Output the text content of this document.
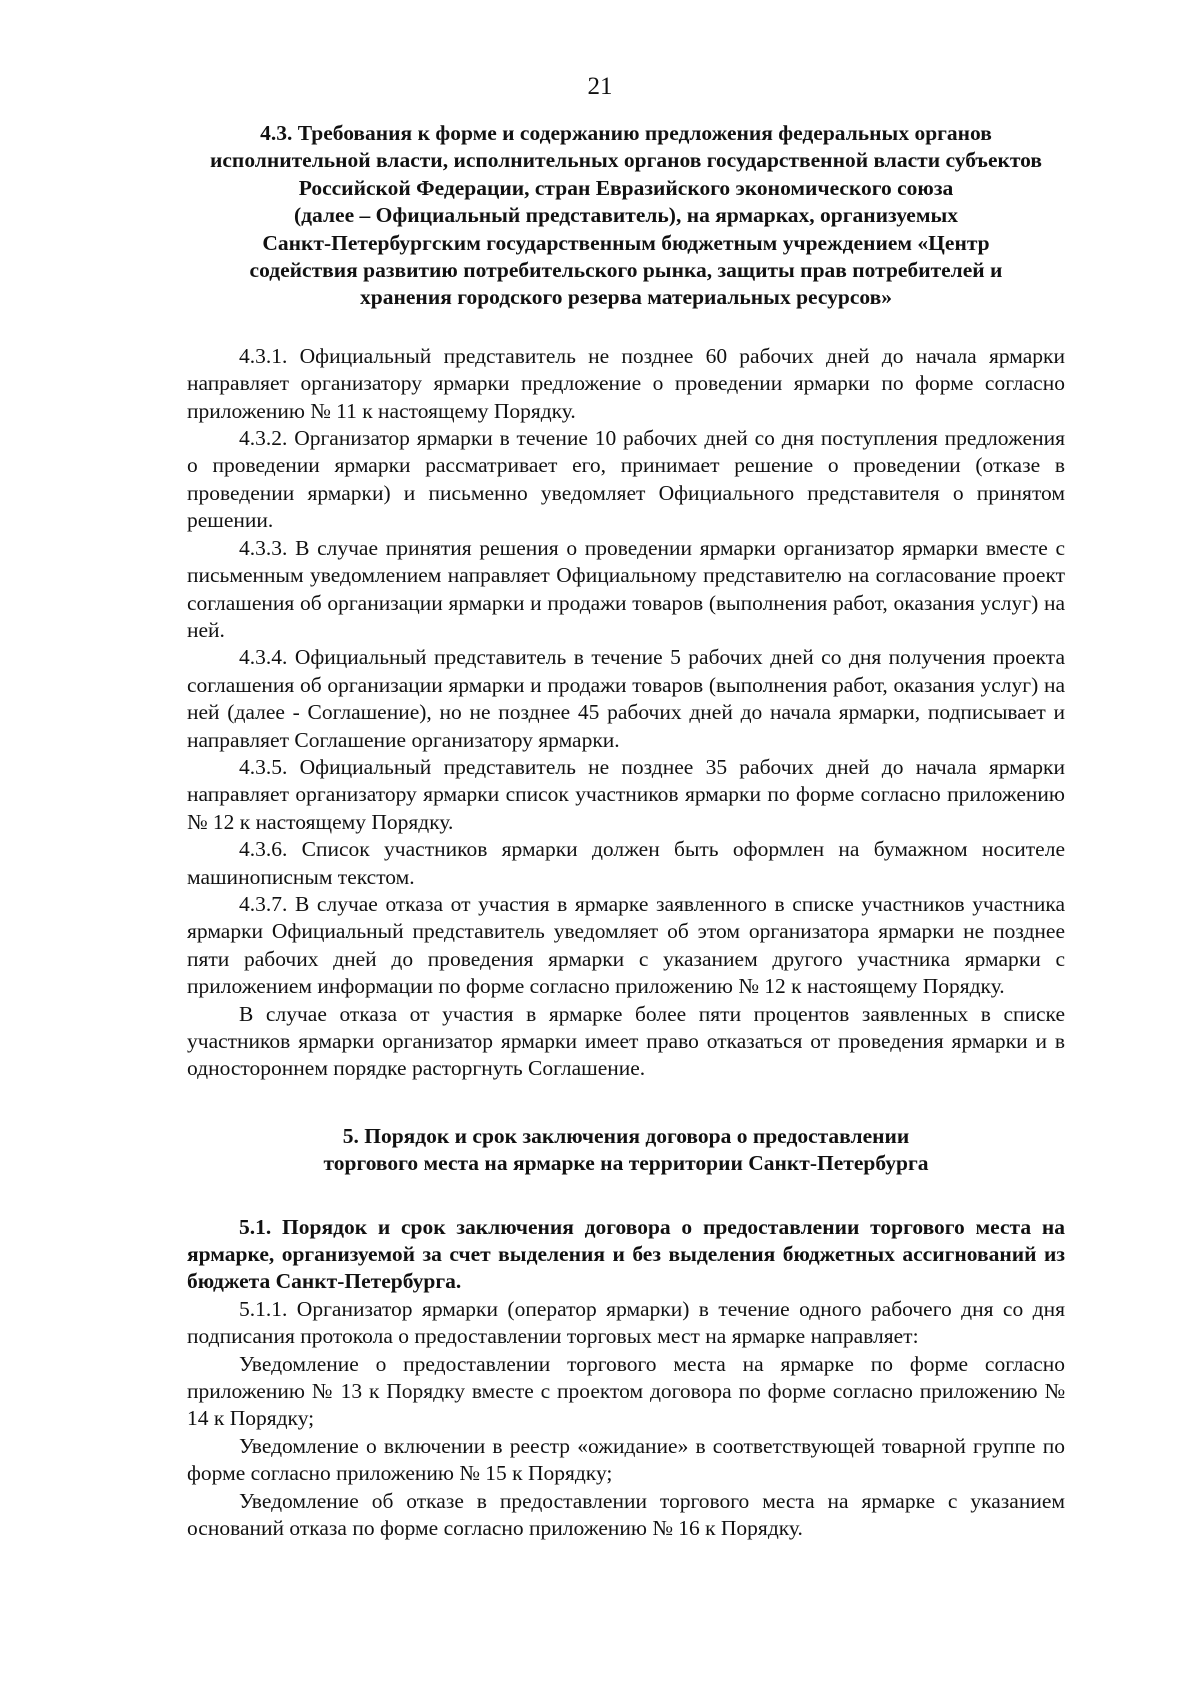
21
4.3. Требования к форме и содержанию предложения федеральных органов
исполнительной власти, исполнительных органов государственной власти субъектов
Российской Федерации, стран Евразийского экономического союза
(далее – Официальный представитель), на ярмарках, организуемых
Санкт-Петербургским государственным бюджетным учреждением «Центр
содействия развитию потребительского рынка, защиты прав потребителей и
хранения городского резерва материальных ресурсов»

4.3.1. Официальный представитель не позднее 60 рабочих дней до начала ярмарки направляет организатору ярмарки предложение о проведении ярмарки по форме согласно приложению № 11 к настоящему Порядку.

4.3.2. Организатор ярмарки в течение 10 рабочих дней со дня поступления предложения о проведении ярмарки рассматривает его, принимает решение о проведении (отказе в проведении ярмарки) и письменно уведомляет Официального представителя о принятом решении.

4.3.3. В случае принятия решения о проведении ярмарки организатор ярмарки вместе с письменным уведомлением направляет Официальному представителю на согласование проект соглашения об организации ярмарки и продажи товаров (выполнения работ, оказания услуг) на ней.

4.3.4. Официальный представитель в течение 5 рабочих дней со дня получения проекта соглашения об организации ярмарки и продажи товаров (выполнения работ, оказания услуг) на ней (далее - Соглашение), но не позднее 45 рабочих дней до начала ярмарки, подписывает и направляет Соглашение организатору ярмарки.

4.3.5. Официальный представитель не позднее 35 рабочих дней до начала ярмарки направляет организатору ярмарки список участников ярмарки по форме согласно приложению № 12 к настоящему Порядку.

4.3.6. Список участников ярмарки должен быть оформлен на бумажном носителе машинописным текстом.

4.3.7. В случае отказа от участия в ярмарке заявленного в списке участников участника ярмарки Официальный представитель уведомляет об этом организатора ярмарки не позднее пяти рабочих дней до проведения ярмарки с указанием другого участника ярмарки с приложением информации по форме согласно приложению № 12 к настоящему Порядку.

В случае отказа от участия в ярмарке более пяти процентов заявленных в списке участников ярмарки организатор ярмарки имеет право отказаться от проведения ярмарки и в одностороннем порядке расторгнуть Соглашение.

5. Порядок и срок заключения договора о предоставлении
торгового места на ярмарке на территории Санкт-Петербурга

5.1. Порядок и срок заключения договора о предоставлении торгового места на ярмарке, организуемой за счет выделения и без выделения бюджетных ассигнований из бюджета Санкт-Петербурга.

5.1.1. Организатор ярмарки (оператор ярмарки) в течение одного рабочего дня со дня подписания протокола о предоставлении торговых мест на ярмарке направляет:

Уведомление о предоставлении торгового места на ярмарке по форме согласно приложению № 13 к Порядку вместе с проектом договора по форме согласно приложению № 14 к Порядку;

Уведомление о включении в реестр «ожидание» в соответствующей товарной группе по форме согласно приложению № 15 к Порядку;

Уведомление об отказе в предоставлении торгового места на ярмарке с указанием оснований отказа по форме согласно приложению № 16 к Порядку.
